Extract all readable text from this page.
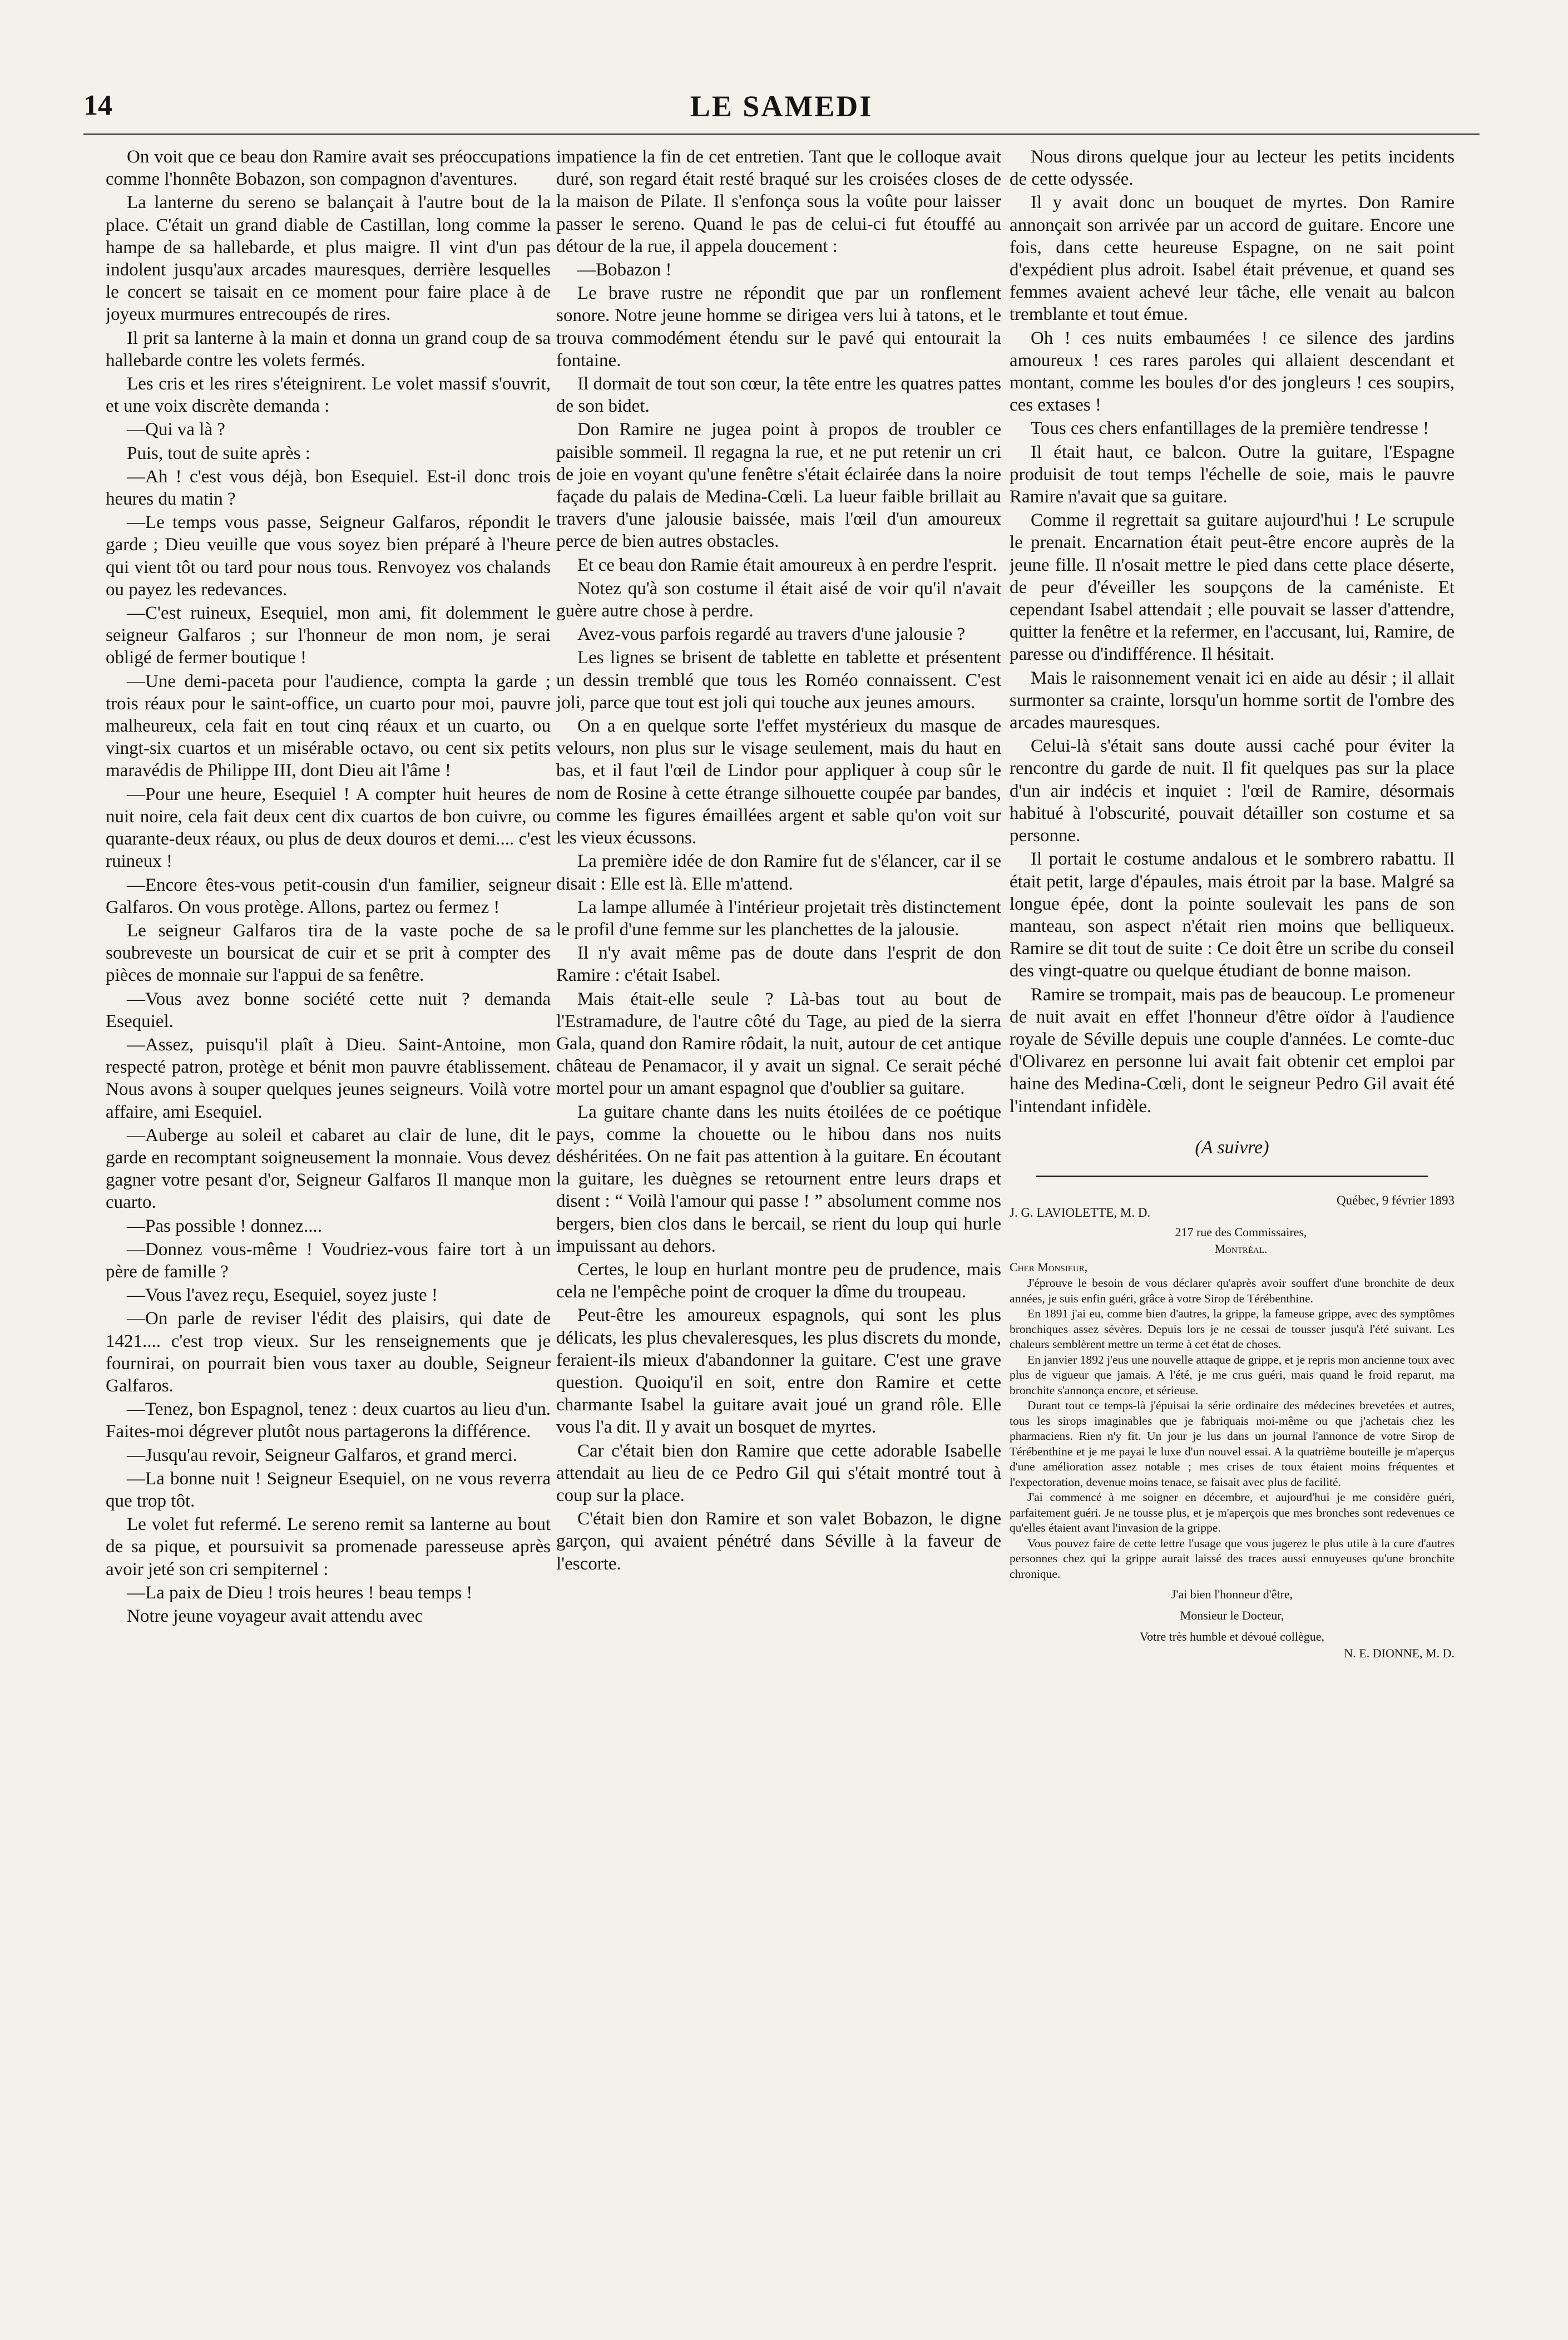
14	LE SAMEDI

On voit que ce beau don Ramire avait ses préoccupations comme l'honnête Bobazon, son compagnon d'aventures.

La lanterne du sereno se balançait à l'autre bout de la place. C'était un grand diable de Castillan, long comme la hampe de sa hallebarde, et plus maigre. Il vint d'un pas indolent jusqu'aux arcades mauresques, derrière lesquelles le concert se taisait en ce moment pour faire place à de joyeux murmures entrecoupés de rires.

Il prit sa lanterne à la main et donna un grand coup de sa hallebarde contre les volets fermés.

Les cris et les rires s'éteignirent. Le volet massif s'ouvrit, et une voix discrète demanda :

—Qui va là ?

Puis, tout de suite après :

—Ah ! c'est vous déjà, bon Esequiel. Est-il donc trois heures du matin ?

—Le temps vous passe, Seigneur Galfaros, répondit le garde ; Dieu veuille que vous soyez bien préparé à l'heure qui vient tôt ou tard pour nous tous. Renvoyez vos chalands ou payez les redevances.

—C'est ruineux, Esequiel, mon ami, fit dolemment le seigneur Galfaros ; sur l'honneur de mon nom, je serai obligé de fermer boutique !

—Une demi-paceta pour l'audience, compta la garde ; trois réaux pour le saint-office, un cuarto pour moi, pauvre malheureux, cela fait en tout cinq réaux et un cuarto, ou vingt-six cuartos et un misérable octavo, ou cent six petits maravédis de Philippe III, dont Dieu ait l'âme !

—Pour une heure, Esequiel ! A compter huit heures de nuit noire, cela fait deux cent dix cuartos de bon cuivre, ou quarante-deux réaux, ou plus de deux douros et demi.... c'est ruineux !

—Encore êtes-vous petit-cousin d'un familier, seigneur Galfaros. On vous protège. Allons, partez ou fermez !

Le seigneur Galfaros tira de la vaste poche de sa soubreveste un boursicat de cuir et se prit à compter des pièces de monnaie sur l'appui de sa fenêtre.

—Vous avez bonne société cette nuit ? demanda Esequiel.

—Assez, puisqu'il plaît à Dieu. Saint-Antoine, mon respecté patron, protège et bénit mon pauvre établissement. Nous avons à souper quelques jeunes seigneurs. Voilà votre affaire, ami Esequiel.

—Auberge au soleil et cabaret au clair de lune, dit le garde en recomptant soigneusement la monnaie. Vous devez gagner votre pesant d'or, Seigneur Galfaros Il manque mon cuarto.

—Pas possible ! donnez....

—Donnez vous-même ! Voudriez-vous faire tort à un père de famille ?

—Vous l'avez reçu, Esequiel, soyez juste !

—On parle de reviser l'édit des plaisirs, qui date de 1421.... c'est trop vieux. Sur les renseignements que je fournirai, on pourrait bien vous taxer au double, Seigneur Galfaros.

—Tenez, bon Espagnol, tenez : deux cuartos au lieu d'un. Faites-moi dégrever plutôt nous partagerons la différence.

—Jusqu'au revoir, Seigneur Galfaros, et grand merci.

—La bonne nuit ! Seigneur Esequiel, on ne vous reverra que trop tôt.

Le volet fut refermé. Le sereno remit sa lanterne au bout de sa pique, et poursuivit sa promenade paresseuse après avoir jeté son cri sempiternel :

—La paix de Dieu ! trois heures ! beau temps !

Notre jeune voyageur avait attendu avec

impatience la fin de cet entretien. Tant que le colloque avait duré, son regard était resté braqué sur les croisées closes de la maison de Pilate. Il s'enfonça sous la voûte pour laisser passer le sereno. Quand le pas de celui-ci fut étouffé au détour de la rue, il appela doucement :

—Bobazon !

Le brave rustre ne répondit que par un ronflement sonore. Notre jeune homme se dirigea vers lui à tatons, et le trouva commodément étendu sur le pavé qui entourait la fontaine.

Il dormait de tout son cœur, la tête entre les quatres pattes de son bidet.

Don Ramire ne jugea point à propos de troubler ce paisible sommeil. Il regagna la rue, et ne put retenir un cri de joie en voyant qu'une fenêtre s'était éclairée dans la noire façade du palais de Medina-Cœli. La lueur faible brillait au travers d'une jalousie baissée, mais l'œil d'un amoureux perce de bien autres obstacles.

Et ce beau don Ramie était amoureux à en perdre l'esprit.

Notez qu'à son costume il était aisé de voir qu'il n'avait guère autre chose à perdre.

Avez-vous parfois regardé au travers d'une jalousie ?

Les lignes se brisent de tablette en tablette et présentent un dessin tremblé que tous les Roméo connaissent. C'est joli, parce que tout est joli qui touche aux jeunes amours.

On a en quelque sorte l'effet mystérieux du masque de velours, non plus sur le visage seulement, mais du haut en bas, et il faut l'œil de Lindor pour appliquer à coup sûr le nom de Rosine à cette étrange silhouette coupée par bandes, comme les figures émaillées argent et sable qu'on voit sur les vieux écussons.

La première idée de don Ramire fut de s'élancer, car il se disait : Elle est là. Elle m'attend.

La lampe allumée à l'intérieur projetait très distinctement le profil d'une femme sur les planchettes de la jalousie.

Il n'y avait même pas de doute dans l'esprit de don Ramire : c'était Isabel.

Mais était-elle seule ? Là-bas tout au bout de l'Estramadure, de l'autre côté du Tage, au pied de la sierra Gala, quand don Ramire rôdait, la nuit, autour de cet antique château de Penamacor, il y avait un signal. Ce serait péché mortel pour un amant espagnol que d'oublier sa guitare.

La guitare chante dans les nuits étoilées de ce poétique pays, comme la chouette ou le hibou dans nos nuits déshéritées. On ne fait pas attention à la guitare. En écoutant la guitare, les duègnes se retournent entre leurs draps et disent : “ Voilà l'amour qui passe ! ” absolument comme nos bergers, bien clos dans le bercail, se rient du loup qui hurle impuissant au dehors.

Certes, le loup en hurlant montre peu de prudence, mais cela ne l'empêche point de croquer la dîme du troupeau.

Peut-être les amoureux espagnols, qui sont les plus délicats, les plus chevaleresques, les plus discrets du monde, feraient-ils mieux d'abandonner la guitare. C'est une grave question. Quoiqu'il en soit, entre don Ramire et cette charmante Isabel la guitare avait joué un grand rôle. Elle vous l'a dit. Il y avait un bosquet de myrtes.

Car c'était bien don Ramire que cette adorable Isabelle attendait au lieu de ce Pedro Gil qui s'était montré tout à coup sur la place.

C'était bien don Ramire et son valet Bobazon, le digne garçon, qui avaient pénétré dans Séville à la faveur de l'escorte.

Nous dirons quelque jour au lecteur les petits incidents de cette odyssée.

Il y avait donc un bouquet de myrtes. Don Ramire annonçait son arrivée par un accord de guitare. Encore une fois, dans cette heureuse Espagne, on ne sait point d'expédient plus adroit. Isabel était prévenue, et quand ses femmes avaient achevé leur tâche, elle venait au balcon tremblante et tout émue.

Oh ! ces nuits embaumées ! ce silence des jardins amoureux ! ces rares paroles qui allaient descendant et montant, comme les boules d'or des jongleurs ! ces soupirs, ces extases !

Tous ces chers enfantillages de la première tendresse !

Il était haut, ce balcon. Outre la guitare, l'Espagne produisit de tout temps l'échelle de soie, mais le pauvre Ramire n'avait que sa guitare.

Comme il regrettait sa guitare aujourd'hui ! Le scrupule le prenait. Encarnation était peut-être encore auprès de la jeune fille. Il n'osait mettre le pied dans cette place déserte, de peur d'éveiller les soupçons de la caméniste. Et cependant Isabel attendait ; elle pouvait se lasser d'attendre, quitter la fenêtre et la refermer, en l'accusant, lui, Ramire, de paresse ou d'indifférence. Il hésitait.

Mais le raisonnement venait ici en aide au désir ; il allait surmonter sa crainte, lorsqu'un homme sortit de l'ombre des arcades mauresques.

Celui-là s'était sans doute aussi caché pour éviter la rencontre du garde de nuit. Il fit quelques pas sur la place d'un air indécis et inquiet : l'œil de Ramire, désormais habitué à l'obscurité, pouvait détailler son costume et sa personne.

Il portait le costume andalous et le sombrero rabattu. Il était petit, large d'épaules, mais étroit par la base. Malgré sa longue épée, dont la pointe soulevait les pans de son manteau, son aspect n'était rien moins que belliqueux. Ramire se dit tout de suite : Ce doit être un scribe du conseil des vingt-quatre ou quelque étudiant de bonne maison.

Ramire se trompait, mais pas de beaucoup. Le promeneur de nuit avait en effet l'honneur d'être oïdor à l'audience royale de Séville depuis une couple d'années. Le comte-duc d'Olivarez en personne lui avait fait obtenir cet emploi par haine des Medina-Cœli, dont le seigneur Pedro Gil avait été l'intendant infidèle.

(A suivre)
Québec, 9 février 1893
J. G. LAVIOLETTE, M. D.

217 rue des Commissaires,

Montréal.

Cher Monsieur,

J'éprouve le besoin de vous déclarer qu'après avoir souffert d'une bronchite de deux années, je suis enfin guéri, grâce à votre Sirop de Térébenthine.

En 1891 j'ai eu, comme bien d'autres, la grippe, la fameuse grippe, avec des symptômes bronchiques assez sévères. Depuis lors je ne cessai de tousser jusqu'à l'été suivant. Les chaleurs semblèrent mettre un terme à cet état de choses.

En janvier 1892 j'eus une nouvelle attaque de grippe, et je repris mon ancienne toux avec plus de vigueur que jamais. A l'été, je me crus guéri, mais quand le froid reparut, ma bronchite s'annonça encore, et sérieuse.

Durant tout ce temps-là j'épuisai la série ordinaire des médecines brevetées et autres, tous les sirops imaginables que je fabriquais moi-même ou que j'achetais chez les pharmaciens. Rien n'y fit. Un jour je lus dans un journal l'annonce de votre Sirop de Térébenthine et je me payai le luxe d'un nouvel essai. A la quatrième bouteille je m'aperçus d'une amélioration assez notable ; mes crises de toux étaient moins fréquentes et l'expectoration, devenue moins tenace, se faisait avec plus de facilité.

J'ai commencé à me soigner en décembre, et aujourd'hui je me considère guéri, parfaitement guéri. Je ne tousse plus, et je m'aperçois que mes bronches sont redevenues ce qu'elles étaient avant l'invasion de la grippe.

Vous pouvez faire de cette lettre l'usage que vous jugerez le plus utile à la cure d'autres personnes chez qui la grippe aurait laissé des traces aussi ennuyeuses qu'une bronchite chronique.

J'ai bien l'honneur d'être,
Monsieur le Docteur,
Votre très humble et dévoué collègue,
N. E. DIONNE, M. D.
